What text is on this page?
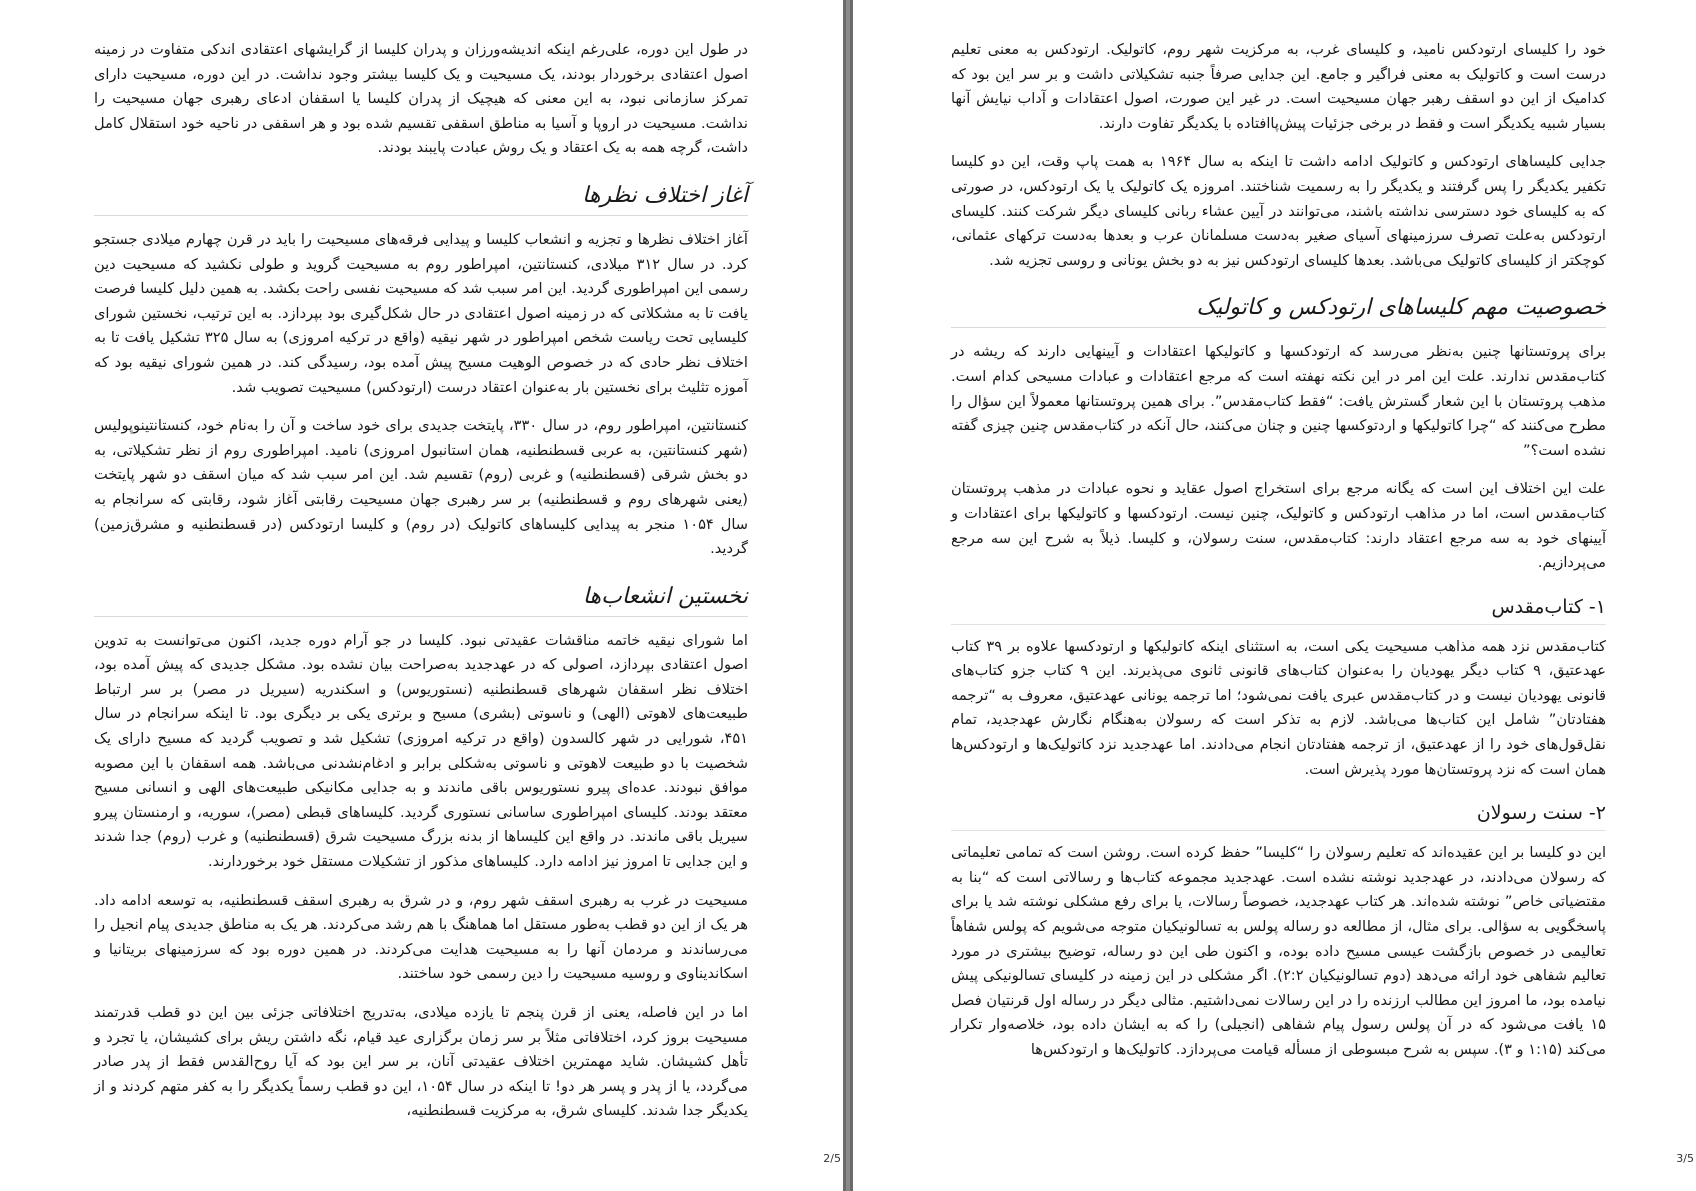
در طول این دوره، علی‌رغم اینکه اندیشه‌ورزان و پدران کلیسا از گرایشهای اعتقادی اندکی متفاوت در زمینه اصول اعتقادی برخوردار بودند، یک مسیحیت و یک کلیسا بیشتر وجود نداشت. در این دوره، مسیحیت دارای تمرکز سازمانی نبود، به این معنی که هیچیک از پدران کلیسا یا اسقفان ادعای رهبری جهان مسیحیت را نداشت. مسیحیت در اروپا و آسیا به مناطق اسقفی تقسیم شده بود و هر اسقفی در ناحیه خود استقلال کامل داشت، گرچه همه به یک اعتقاد و یک روش عبادت پایبند بودند.

آغاز اختلاف نظرها

آغاز اختلاف نظرها و تجزیه و انشعاب کلیسا و پیدایی فرقه‌های مسیحیت را باید در قرن چهارم میلادی جستجو کرد. در سال ۳۱۲ میلادی، کنستانتین، امپراطور روم به مسیحیت گروید و طولی نکشید که مسیحیت دین رسمی این امپراطوری گردید. این امر سبب شد که مسیحیت نفسی راحت بکشد. به همین دلیل کلیسا فرصت یافت تا به مشکلاتی که در زمینه اصول اعتقادی در حال شکل‌گیری بود بپردازد. به این ترتیب، نخستین شورای کلیسایی تحت ریاست شخص امپراطور در شهر نیقیه (واقع در ترکیه امروزی) به سال ۳۲۵ تشکیل یافت تا به اختلاف نظر حادی که در خصوص الوهیت مسیح پیش آمده بود، رسیدگی کند. در همین شورای نیقیه بود که آموزه تثلیث برای نخستین بار به‌عنوان اعتقاد درست (ارتودکس) مسیحیت تصویب شد.

کنستانتین، امپراطور روم، در سال ۳۳۰، پایتخت جدیدی برای خود ساخت و آن را به‌نام خود، کنستانتینوپولیس (شهر کنستانتین، به عربی قسطنطنیه، همان استانبول امروزی) نامید. امپراطوری روم از نظر تشکیلاتی، به دو بخش شرقی (قسطنطنیه) و غربی (روم) تقسیم شد. این امر سبب شد که میان اسقف دو شهر پایتخت (یعنی شهرهای روم و قسطنطنیه) بر سر رهبری جهان مسیحیت رقابتی آغاز شود، رقابتی که سرانجام به سال ۱۰۵۴ منجر به پیدایی کلیساهای کاتولیک (در روم) و کلیسا ارتودکس (در قسطنطنیه و مشرق‌زمین) گردید.

نخستین انشعاب‌ها

اما شورای نیقیه خاتمه مناقشات عقیدتی نبود. کلیسا در جو آرام دوره جدید، اکنون می‌توانست به تدوین اصول اعتقادی بپردازد، اصولی که در عهدجدید به‌صراحت بیان نشده بود. مشکل جدیدی که پیش آمده بود، اختلاف نظر اسقفان شهرهای قسطنطنیه (نستوریوس) و اسکندریه (سیریل در مصر) بر سر ارتباط طبیعت‌های لاهوتی (الهی) و ناسوتی (بشری) مسیح و برتری یکی بر دیگری بود. تا اینکه سرانجام در سال ۴۵۱، شورایی در شهر کالسدون (واقع در ترکیه امروزی) تشکیل شد و تصویب گردید که مسیح دارای یک شخصیت با دو طبیعت لاهوتی و ناسوتی به‌شکلی برابر و ادغام‌نشدنی می‌باشد. همه اسقفان با این مصوبه موافق نبودند. عده‌ای پیرو نستوریوس باقی ماندند و به جدایی مکانیکی طبیعت‌های الهی و انسانی مسیح معتقد بودند. کلیسای امپراطوری ساسانی نستوری گردید. کلیساهای قبطی (مصر)، سوریه، و ارمنستان پیرو سیریل باقی ماندند. در واقع این کلیساها از بدنه بزرگ مسیحیت شرق (قسطنطنیه) و غرب (روم) جدا شدند و این جدایی تا امروز نیز ادامه دارد. کلیساهای مذکور از تشکیلات مستقل خود برخوردارند.

مسیحیت در غرب به رهبری اسقف شهر روم، و در شرق به رهبری اسقف قسطنطنیه، به توسعه ادامه داد. هر یک از این دو قطب به‌طور مستقل اما هماهنگ با هم رشد می‌کردند. هر یک به مناطق جدیدی پیام انجیل را می‌رساندند و مردمان آنها را به مسیحیت هدایت می‌کردند. در همین دوره بود که سرزمینهای بریتانیا و اسکاندیناوی و روسیه مسیحیت را دین رسمی خود ساختند.

اما در این فاصله، یعنی از قرن پنجم تا یازده میلادی، به‌تدریج اختلافاتی جزئی بین این دو قطب قدرتمند مسیحیت بروز کرد، اختلافاتی مثلاً بر سر زمان برگزاری عید قیام، نگه داشتن ریش برای کشیشان، یا تجرد و تأهل کشیشان. شاید مهمترین اختلاف عقیدتی آنان، بر سر این بود که آیا روح‌القدس فقط از پدر صادر می‌گردد، یا از پدر و پسر هر دو! تا اینکه در سال ۱۰۵۴، این دو قطب رسماً یکدیگر را به کفر متهم کردند و از یکدیگر جدا شدند. کلیسای شرق، به مرکزیت قسطنطنیه،

2/5

خود را کلیسای ارتودکس نامید، و کلیسای غرب، به مرکزیت شهر روم، کاتولیک. ارتودکس به معنی تعلیم درست است و کاتولیک به معنی فراگیر و جامع. این جدایی صرفاً جنبه تشکیلاتی داشت و بر سر این بود که کدامیک از این دو اسقف رهبر جهان مسیحیت است. در غیر این صورت، اصول اعتقادات و آداب نیایش آنها بسیار شبیه یکدیگر است و فقط در برخی جزئیات پیش‌پاافتاده با یکدیگر تفاوت دارند.

جدایی کلیساهای ارتودکس و کاتولیک ادامه داشت تا اینکه به سال ۱۹۶۴ به همت پاپ وقت، این دو کلیسا تکفیر یکدیگر را پس گرفتند و یکدیگر را به رسمیت شناختند. امروزه یک کاتولیک یا یک ارتودکس، در صورتی که به کلیسای خود دسترسی نداشته باشند، می‌توانند در آیین عشاء ربانی کلیسای دیگر شرکت کنند. کلیسای ارتودکس به‌علت تصرف سرزمینهای آسیای صغیر به‌دست مسلمانان عرب و بعدها به‌دست ترکهای عثمانی، کوچکتر از کلیسای کاتولیک می‌باشد. بعدها کلیسای ارتودکس نیز به دو بخش یونانی و روسی تجزیه شد.

خصوصیت مهم کلیساهای ارتودکس و کاتولیک

برای پروتستانها چنین به‌نظر می‌رسد که ارتودکسها و کاتولیکها اعتقادات و آیینهایی دارند که ریشه در کتاب‌مقدس ندارند. علت این امر در این نکته نهفته است که مرجع اعتقادات و عبادات مسیحی کدام است. مذهب پروتستان با این شعار گسترش یافت: “فقط کتاب‌مقدس”. برای همین پروتستانها معمولاً این سؤال را مطرح می‌کنند که “چرا کاتولیکها و اردتوکسها چنین و چنان می‌کنند، حال آنکه در کتاب‌مقدس چنین چیزی گفته نشده است؟”

علت این اختلاف این است که یگانه مرجع برای استخراج اصول عقاید و نحوه عبادات در مذهب پروتستان کتاب‌مقدس است، اما در مذاهب ارتودکس و کاتولیک، چنین نیست. ارتودکسها و کاتولیکها برای اعتقادات و آیینهای خود به سه مرجع اعتقاد دارند: کتاب‌مقدس، سنت رسولان، و کلیسا. ذیلاً به شرح این سه مرجع می‌پردازیم.

۱- کتاب‌مقدس

کتاب‌مقدس نزد همه مذاهب مسیحیت یکی است، به استثنای اینکه کاتولیکها و ارتودکسها علاوه بر ۳۹ کتاب عهدعتیق، ۹ کتاب دیگر یهودیان را به‌عنوان کتاب‌های قانونی ثانوی می‌پذیرند. این ۹ کتاب جزو کتاب‌های قانونی یهودیان نیست و در کتاب‌مقدس عبری یافت نمی‌شود؛ اما ترجمه یونانی عهدعتیق، معروف به “ترجمه هفتادتان” شامل این کتاب‌ها می‌باشد. لازم به تذکر است که رسولان به‌هنگام نگارش عهدجدید، تمام نقل‌قول‌های خود را از عهدعتیق، از ترجمه هفتادتان انجام می‌دادند. اما عهدجدید نزد کاتولیک‌ها و ارتودکس‌ها همان است که نزد پروتستان‌ها مورد پذیرش است.

۲- سنت رسولان

این دو کلیسا بر این عقیده‌اند که تعلیم رسولان را “کلیسا” حفظ کرده است. روشن است که تمامی تعلیماتی که رسولان می‌دادند، در عهدجدید نوشته نشده است. عهدجدید مجموعه کتاب‌ها و رسالاتی است که “بنا به مقتضیاتی خاص” نوشته شده‌اند. هر کتاب عهدجدید، خصوصاً رسالات، یا برای رفع مشکلی نوشته شد یا برای پاسخگویی به سؤالی. برای مثال، از مطالعه دو رساله پولس به تسالونیکیان متوجه می‌شویم که پولس شفاهاً تعالیمی در خصوص بازگشت عیسی مسیح داده بوده، و اکنون طی این دو رساله، توضیح بیشتری در مورد تعالیم شفاهی خود ارائه می‌دهد (دوم تسالونیکیان ۲:۲). اگر مشکلی در این زمینه در کلیسای تسالونیکی پیش نیامده بود، ما امروز این مطالب ارزنده را در این رسالات نمی‌داشتیم. مثالی دیگر در رساله اول قرنتیان فصل ۱۵ یافت می‌شود که در آن پولس رسول پیام شفاهی (انجیلی) را که به ایشان داده بود، خلاصه‌وار تکرار می‌کند (۱:۱۵ و ۳). سپس به شرح مبسوطی از مسأله قیامت می‌پردازد. کاتولیک‌ها و ارتودکس‌ها

3/5
